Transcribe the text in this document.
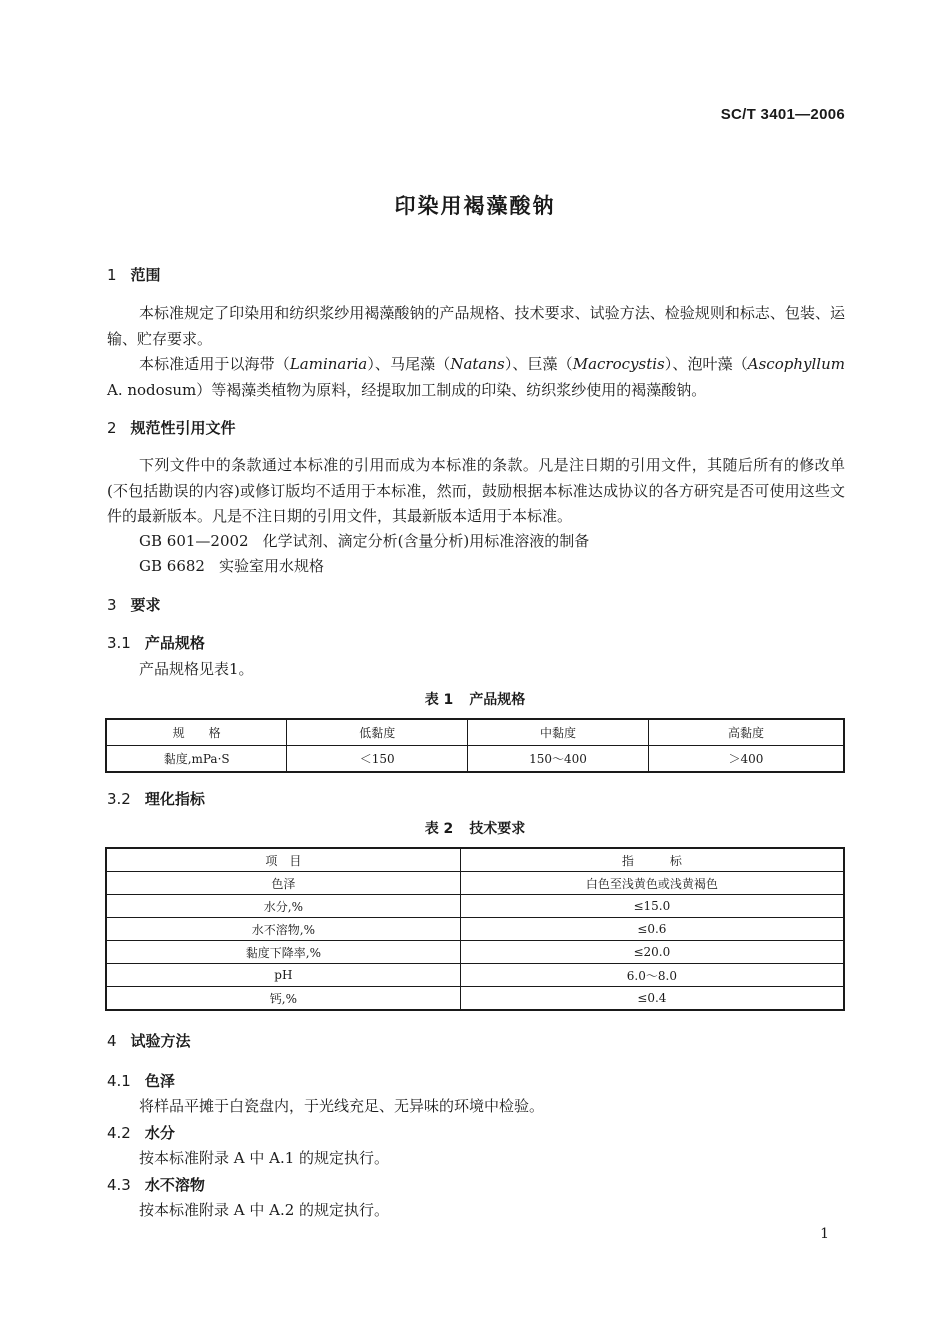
SC/T 3401—2006
印染用褐藻酸钠
1 范围
本标准规定了印染用和纺织浆纱用褐藻酸钠的产品规格、技术要求、试验方法、检验规则和标志、包装、运输、贮存要求。
本标准适用于以海带（Laminaria）、马尾藻（Natans）、巨藻（Macrocystis）、泡叶藻（Ascophyllum A. nodosum）等褐藻类植物为原料，经提取加工制成的印染、纺织浆纱使用的褐藻酸钠。
2 规范性引用文件
下列文件中的条款通过本标准的引用而成为本标准的条款。凡是注日期的引用文件，其随后所有的修改单(不包括勘误的内容)或修订版均不适用于本标准，然而，鼓励根据本标准达成协议的各方研究是否可使用这些文件的最新版本。凡是不注日期的引用文件，其最新版本适用于本标准。
GB 601—2002 化学试剂、滴定分析(含量分析)用标准溶液的制备
GB 6682 实验室用水规格
3 要求
3.1 产品规格
产品规格见表1。
表 1 产品规格
规　　格	低黏度	中黏度	高黏度
黏度,mPa·S	＜150	150～400	＞400
3.2 理化指标
表 2 技术要求
项　目	指　　　标
色泽	白色至浅黄色或浅黄褐色
水分,%	≤15.0
水不溶物,%	≤0.6
黏度下降率,%	≤20.0
pH	6.0～8.0
钙,%	≤0.4
4 试验方法
4.1 色泽
将样品平摊于白瓷盘内，于光线充足、无异味的环境中检验。
4.2 水分
按本标准附录 A 中 A.1 的规定执行。
4.3 水不溶物
按本标准附录 A 中 A.2 的规定执行。
1
